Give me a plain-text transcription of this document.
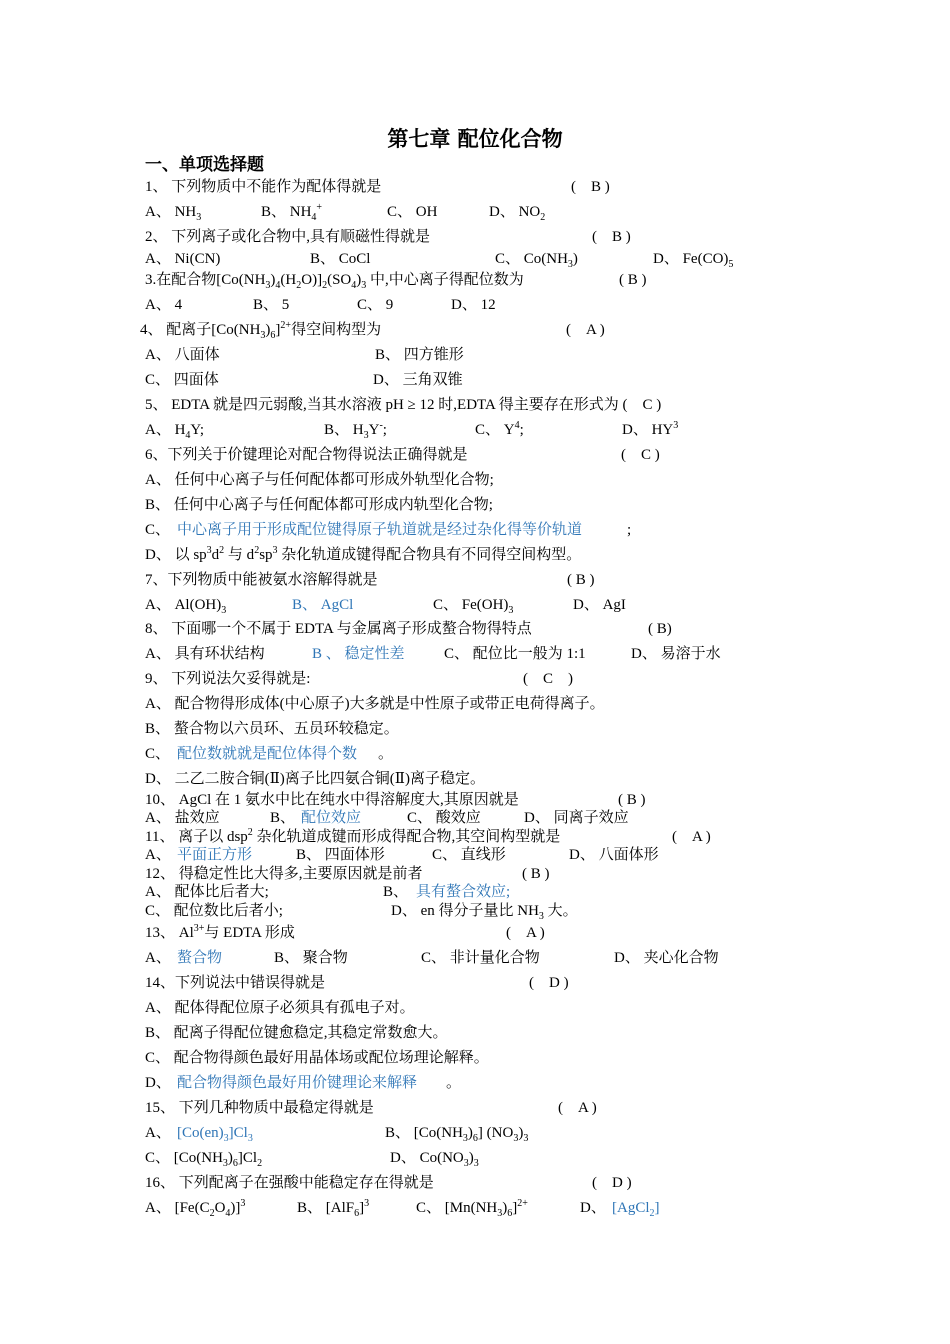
第七章 配位化合物
一、单项选择题
1、 下列物质中不能作为配体得就是	(　B )
A、 $NH_3$	B、 $NH_4^+$	C、 OH	D、 $NO_2$
2、 下列离子或化合物中,具有顺磁性得就是	(　B )
A、 Ni(CN)	B、 CoCl	C、 $Co(NH_3)$	D、 $Fe(CO)_5$
3.在配合物$[Co(NH_3)_4(H_2O)]_2(SO_4)_3$ 中,中心离子得配位数为	( B )
A、 4	B、 5	C、 9	D、 12
4、 配离子$[Co(NH_3)_6]^{2+}$得空间构型为	(　A )
A、 八面体	B、 四方锥形
C、 四面体	D、 三角双锥
5、 EDTA 就是四元弱酸,当其水溶液 pH ≥ 12 时,EDTA 得主要存在形式为 (　C )
A、 $H_4Y$;	B、 $H_3Y^-$;	C、 $Y^4$;	D、 $HY^3$
6、下列关于价键理论对配合物得说法正确得就是	(　C )
A、 任何中心离子与任何配体都可形成外轨型化合物;
B、 任何中心离子与任何配体都可形成内轨型化合物;
C、 中心离子用于形成配位键得原子轨道就是经过杂化得等价轨道	;
D、 以 $sp^3d^2$ 与 $d^2sp^3$ 杂化轨道成键得配合物具有不同得空间构型。
7、下列物质中能被氨水溶解得就是	( B )
A、 $Al(OH)_3$	B、 AgCl	C、 $Fe(OH)_3$	D、 AgI
8、 下面哪一个不属于 EDTA 与金属离子形成螯合物得特点	( B)
A、 具有环状结构	B 、 稳定性差	C、 配位比一般为 1:1	D、 易溶于水
9、 下列说法欠妥得就是:	(　C　)
A、 配合物得形成体(中心原子)大多就是中性原子或带正电荷得离子。
B、 螯合物以六员环、五员环较稳定。
C、 配位数就就是配位体得个数 。
D、 二乙二胺合铜(Ⅱ)离子比四氨合铜(Ⅱ)离子稳定。
10、 AgCl 在 1 氨水中比在纯水中得溶解度大,其原因就是	( B )
A、 盐效应	B、 配位效应	C、 酸效应	D、 同离子效应
11、 离子以 dsp$^2$ 杂化轨道成键而形成得配合物,其空间构型就是	(　A )
A、 平面正方形	B、 四面体形	C、 直线形	D、 八面体形
12、 得稳定性比大得多,主要原因就是前者	( B )
A、 配体比后者大;	B、 具有螯合效应;
C、 配位数比后者小;	D、 en 得分子量比 $NH_3$ 大。
13、 $Al^{3+}$与 EDTA 形成	(　A )
A、 螯合物	B、 聚合物	C、 非计量化合物	D、 夹心化合物
14、下列说法中错误得就是	(　D )
A、 配体得配位原子必须具有孤电子对。
B、 配离子得配位键愈稳定,其稳定常数愈大。
C、 配合物得颜色最好用晶体场或配位场理论解释。
D、 配合物得颜色最好用价键理论来解释 。
15、 下列几种物质中最稳定得就是	(　A )
A、 $[Co(en)_3]Cl_3$	B、 $[Co(NH_3)_6]$ $(NO_3)_3$
C、 $[Co(NH_3)_6]Cl_2$	D、 $Co(NO_3)_3$
16、 下列配离子在强酸中能稳定存在得就是	(　D )
A、 $[Fe(C_2O_4)]^3$	B、 $[AlF_6]^3$	C、 $[Mn(NH_3)_6]^{2+}$	D、 [AgCl$_2$]
